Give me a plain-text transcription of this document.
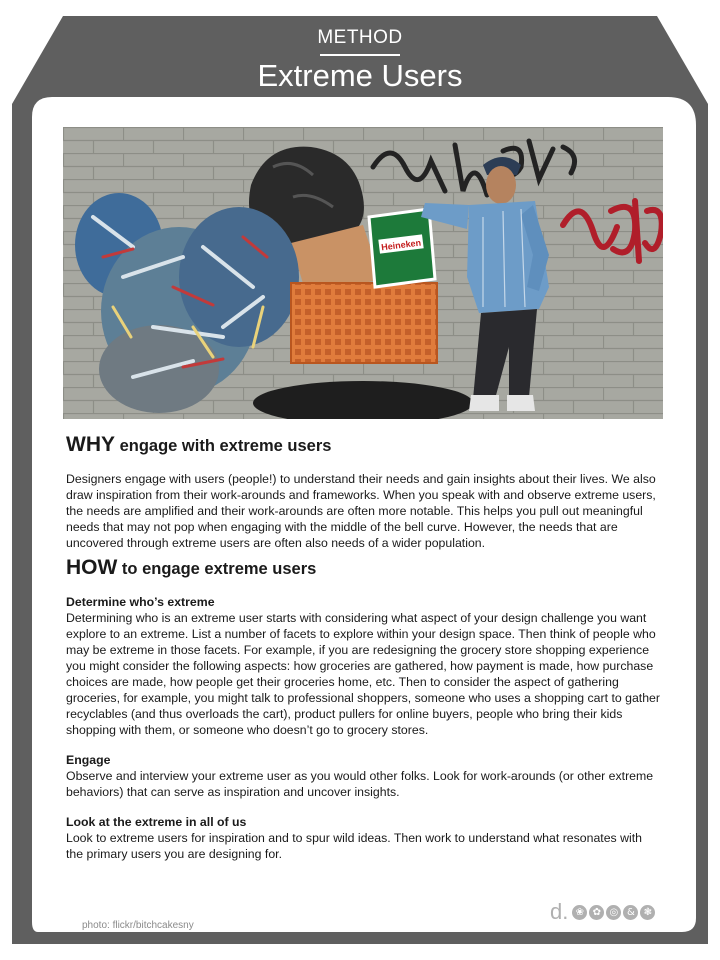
METHOD
Extreme Users
Heineken
WHY engage with extreme users

Designers engage with users (people!) to understand their needs and gain insights about their lives. We also draw inspiration from their work-arounds and frameworks. When you speak with and observe extreme users, the needs are amplified and their work-arounds are often more notable. This helps you pull out meaningful needs that may not pop when engaging with the middle of the bell curve. However, the needs that are uncovered through extreme users are often also needs of a wider population.

HOW to engage extreme users
Determine who’s extreme

Determining who is an extreme user starts with considering what aspect of your design challenge you want explore to an extreme. List a number of facets to explore within your design space. Then think of people who may be extreme in those facets. For example, if you are redesigning the grocery store shopping experience you might consider the following aspects: how groceries are gathered, how payment is made, how purchase choices are made, how people get their groceries home, etc. Then to consider the aspect of gathering groceries, for example, you might talk to professional shoppers, someone who uses a shopping cart to gather recyclables (and thus overloads the cart), product pullers for online buyers, people who bring their kids shopping with them, or someone who doesn’t go to grocery stores.

Engage

Observe and interview your extreme user as you would other folks. Look for work-arounds (or other extreme behaviors) that can serve as inspiration and uncover insights.

Look at the extreme in all of us

Look to extreme users for inspiration and to spur wild ideas. Then work to understand what resonates with the primary users you are designing for.

photo: flickr/bitchcakesny
d. ❀ ✿ ◎ & ❃
